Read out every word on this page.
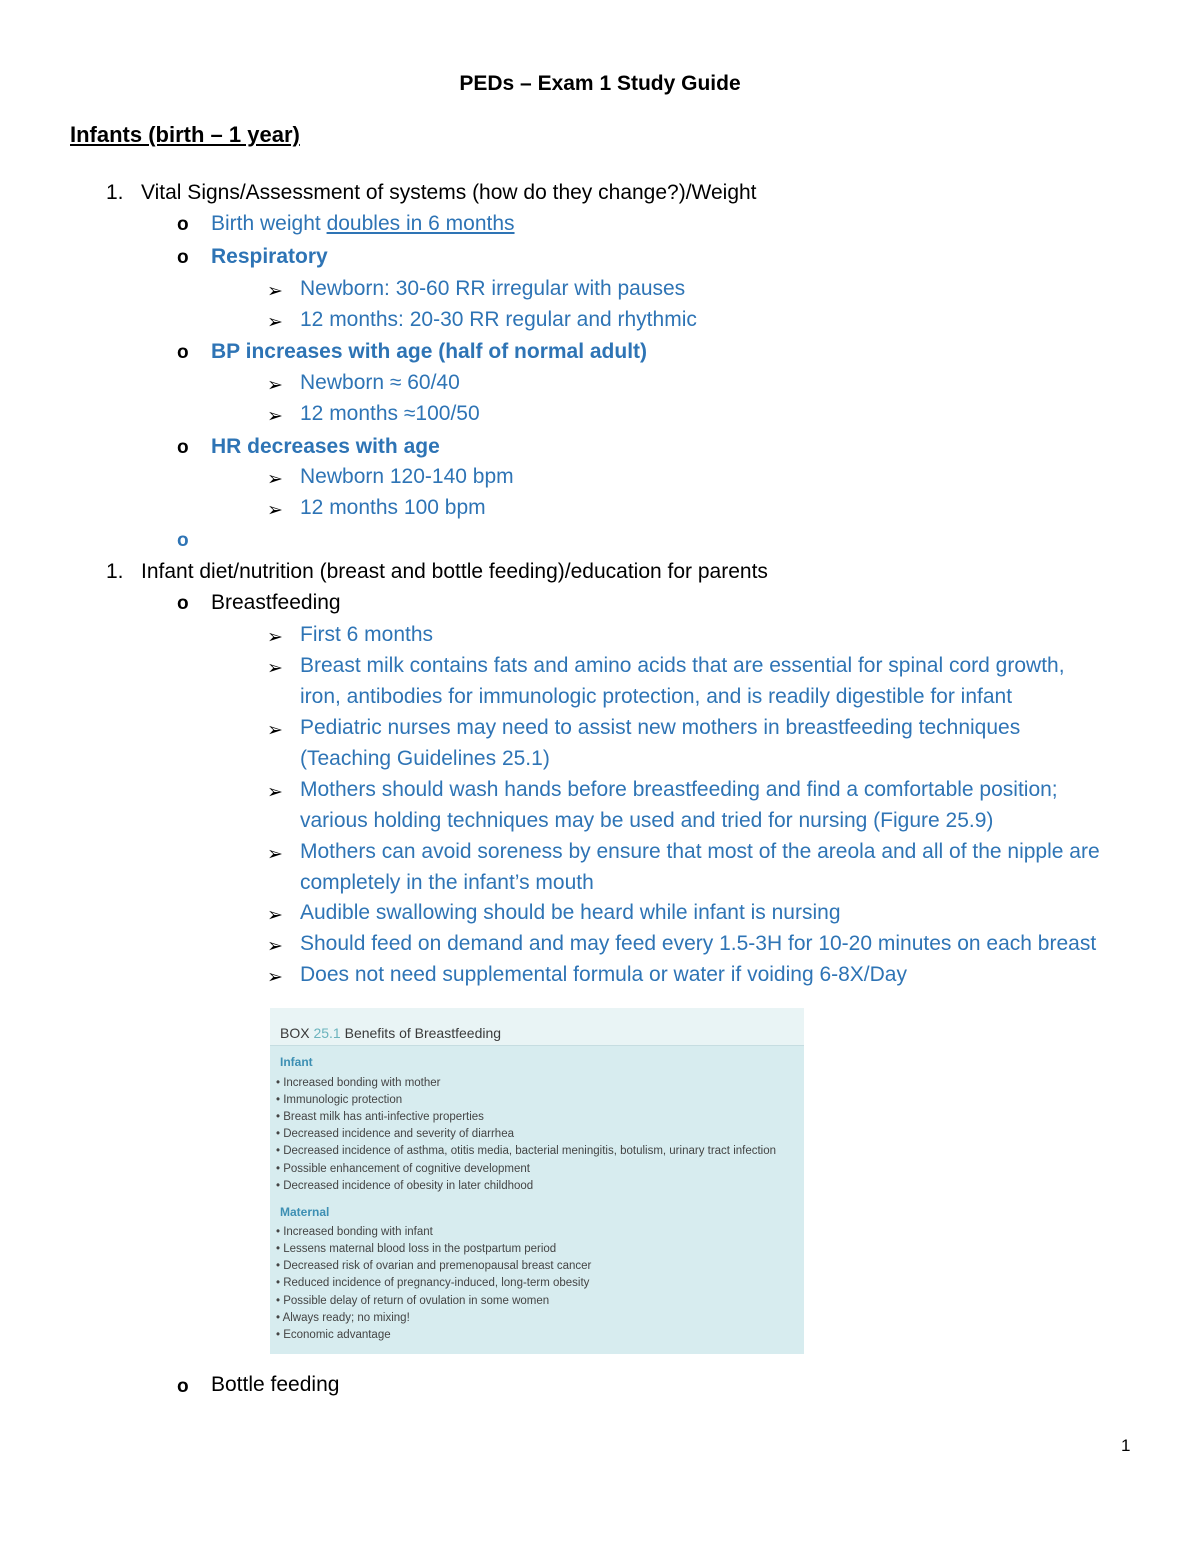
PEDs – Exam 1 Study Guide
Infants (birth – 1 year)
1. Vital Signs/Assessment of systems (how do they change?)/Weight
o Birth weight doubles in 6 months
o Respiratory
➢ Newborn: 30-60 RR irregular with pauses
➢ 12 months: 20-30 RR regular and rhythmic
o BP increases with age (half of normal adult)
➢ Newborn ≈ 60/40
➢ 12 months ≈100/50
o HR decreases with age
➢ Newborn 120-140 bpm
➢ 12 months 100 bpm
o
1. Infant diet/nutrition (breast and bottle feeding)/education for parents
o Breastfeeding
➢ First 6 months
➢ Breast milk contains fats and amino acids that are essential for spinal cord growth,
iron, antibodies for immunologic protection, and is readily digestible for infant
➢ Pediatric nurses may need to assist new mothers in breastfeeding techniques
(Teaching Guidelines 25.1)
➢ Mothers should wash hands before breastfeeding and find a comfortable position;
various holding techniques may be used and tried for nursing (Figure 25.9)
➢ Mothers can avoid soreness by ensure that most of the areola and all of the nipple are
completely in the infant’s mouth
➢ Audible swallowing should be heard while infant is nursing
➢ Should feed on demand and may feed every 1.5-3H for 10-20 minutes on each breast
➢ Does not need supplemental formula or water if voiding 6-8X/Day
BOX 25.1 Benefits of Breastfeeding
Infant
• Increased bonding with mother
• Immunologic protection
• Breast milk has anti-infective properties
• Decreased incidence and severity of diarrhea
• Decreased incidence of asthma, otitis media, bacterial meningitis, botulism, urinary tract infection
• Possible enhancement of cognitive development
• Decreased incidence of obesity in later childhood
Maternal
• Increased bonding with infant
• Lessens maternal blood loss in the postpartum period
• Decreased risk of ovarian and premenopausal breast cancer
• Reduced incidence of pregnancy-induced, long-term obesity
• Possible delay of return of ovulation in some women
• Always ready; no mixing!
• Economic advantage
o Bottle feeding
1
